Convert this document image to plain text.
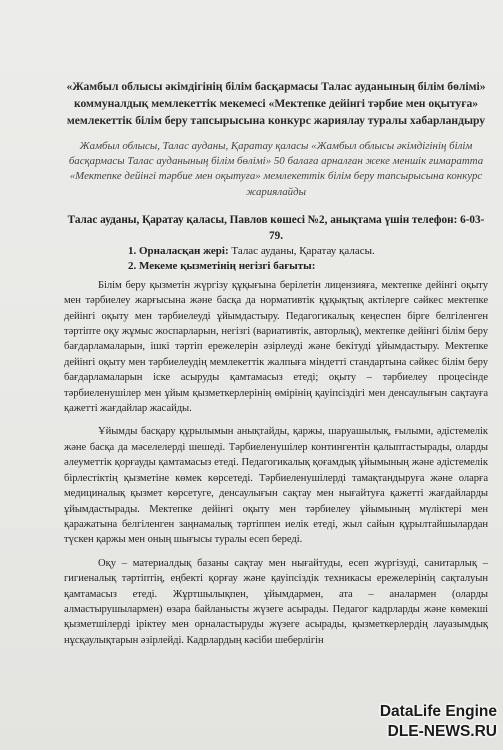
«Жамбыл облысы әкімдігінің білім басқармасы Талас ауданының білім бөлімі» коммуналдық мемлекеттік мекемесі «Мектепке дейінгі тәрбие мен оқытуға» мемлекеттік білім беру тапсырысына конкурс жариялау туралы хабарландыру

Жамбыл облысы, Талас ауданы, Қаратау қаласы «Жамбыл облысы әкімдігінің білім басқармасы Талас ауданының білім бөлімі» 50 балаға арналған жеке меншік ғимаратта «Мектепке дейінгі тәрбие мен оқытуға» мемлекеттік білім беру тапсырысына конкурс жариялайды

Талас ауданы, Қаратау қаласы, Павлов көшесі №2, анықтама үшін телефон: 6-03-79.

1. Орналасқан жері: Талас ауданы, Қаратау қаласы.

2. Мекеме қызметінің негізгі бағыты:

Білім беру қызметін жүргізу құқығына берілетін лицензияға, мектепке дейінгі оқыту мен тәрбиелеу жарғысына және басқа да нормативтік құқықтық актілерге сәйкес мектепке дейінгі оқыту мен тәрбиелеуді ұйымдастыру. Педагогикалық кеңеспен бірге белгіленген тәртіпте оқу жұмыс жоспарларын, негізгі (вариативтік, авторлық), мектепке дейінгі білім беру бағдарламаларын, ішкі тәртіп ережелерін әзірлеуді және бекітуді ұйымдастыру. Мектепке дейінгі оқыту мен тәрбиелеудің мемлекеттік жалпыға міндетті стандартына сәйкес білім беру бағдарламаларын іске асыруды қамтамасыз етеді; оқыту – тәрбиелеу процесінде тәрбиеленушілер мен ұйым қызметкерлерінің өмірінің қауіпсіздігі мен денсаулығын сақтауға қажетті жағдайлар жасайды.

Ұйымды басқару құрылымын анықтайды, қаржы, шаруашылық, ғылыми, әдістемелік және басқа да мәселелерді шешеді. Тәрбиеленушілер контингентін қалыптастырады, оларды әлеуметтік қорғауды қамтамасыз етеді. Педагогикалық қоғамдық ұйымының және әдістемелік бірлестіктің қызметіне көмек көрсетеді. Тәрбиеленушілерді тамақтандыруға және оларға медициналық қызмет көрсетуге, денсаулығын сақтау мен нығайтуға қажетті жағдайларды ұйымдастырады. Мектепке дейінгі оқыту мен тәрбиелеу ұйымының мүліктері мен қаражатына белгіленген заңнамалық тәртіппен иелік етеді, жыл сайын құрылтайшылардан түскен қаржы мен оның шығысы туралы есеп береді.

Оқу – материалдық базаны сақтау мен нығайтуды, есеп жүргізуді, санитарлық – гигиеналық тәртіптің, еңбекті қорғау және қауіпсіздік техникасы ережелерінің сақталуын қамтамасыз етеді. Жұртшылықпен, ұйымдармен, ата – аналармен (оларды алмастырушылармен) өзара байланысты жүзеге асырады. Педагог кадрларды және көмекші қызметшілерді іріктеу мен орналастыруды жүзеге асырады, қызметкерлердің лауазымдық нұсқаулықтарын әзірлейді. Кадрлардың кәсіби шеберлігін

DataLife Engine
DLE-NEWS.RU
